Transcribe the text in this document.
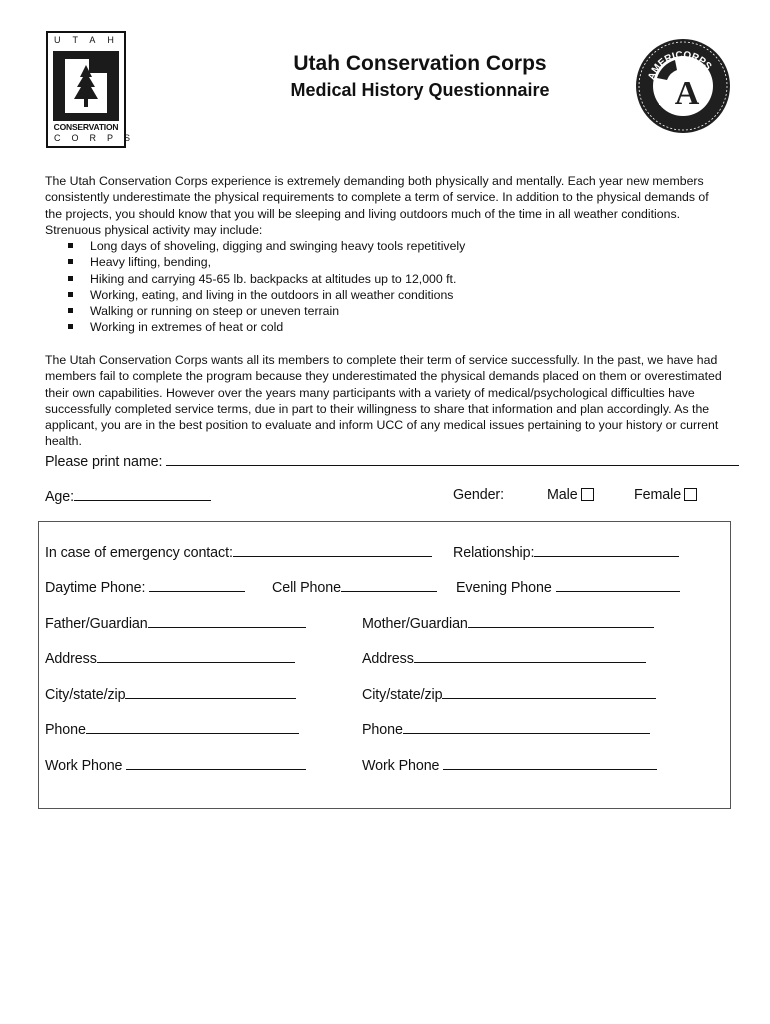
UTAH
CONSERVATION
CORPS
Utah Conservation Corps
Medical History Questionnaire
AMERICORPS
A

The Utah Conservation Corps experience is extremely demanding both physically and mentally. Each year new members consistently underestimate the physical requirements to complete a term of service. In addition to the physical demands of the projects, you should know that you will be sleeping and living outdoors much of the time in all weather conditions. Strenuous physical activity may include:

Long days of shoveling, digging and swinging heavy tools repetitively
Heavy lifting, bending,
Hiking and carrying 45-65 lb. backpacks at altitudes up to 12,000 ft.
Working, eating, and living in the outdoors in all weather conditions
Walking or running on steep or uneven terrain
Working in extremes of heat or cold

The Utah Conservation Corps wants all its members to complete their term of service successfully. In the past, we have had members fail to complete the program because they underestimated the physical demands placed on them or overestimated their own capabilities. However over the years many participants with a variety of medical/psychological difficulties have successfully completed service terms, due in part to their willingness to share that information and plan accordingly. As the applicant, you are in the best position to evaluate and inform UCC of any medical issues pertaining to your history or current health.

Please print name:
Age:	Gender:	Male	Female
In case of emergency contact:	Relationship:
Daytime Phone:	Cell Phone	Evening Phone
Father/Guardian	Mother/Guardian
Address	Address
City/state/zip	City/state/zip
Phone	Phone
Work Phone	Work Phone
